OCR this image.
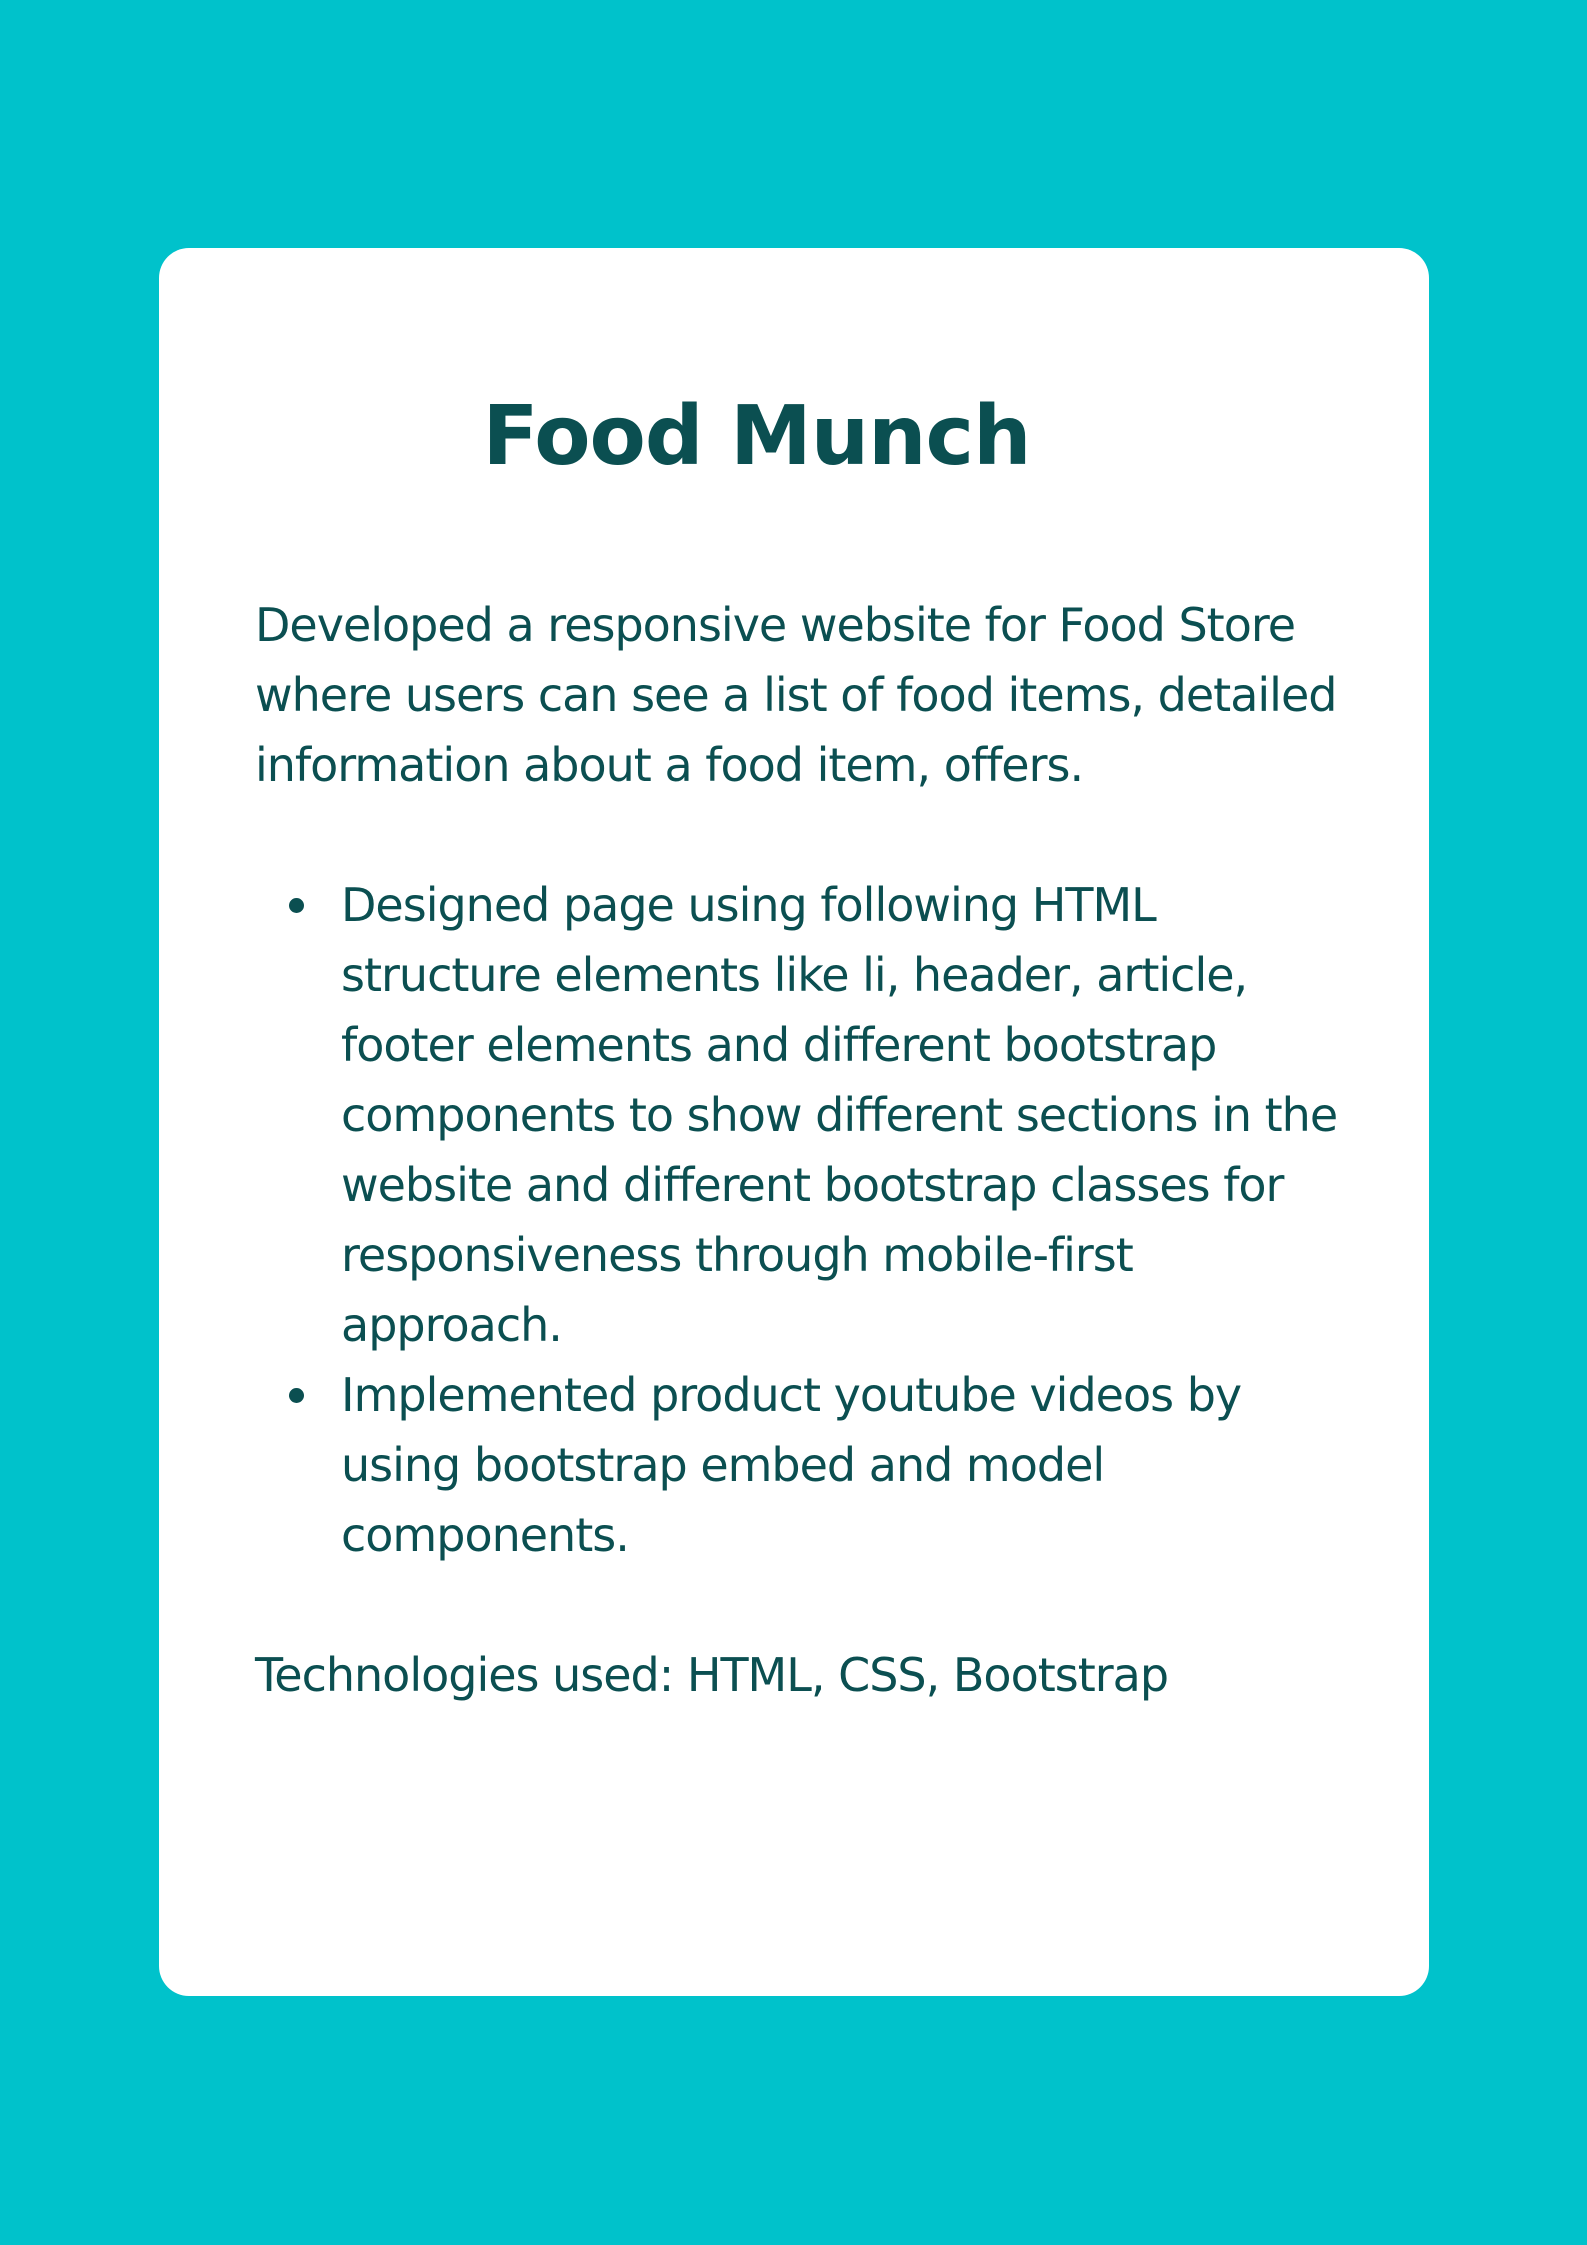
Food Munch

Developed a responsive website for Food Store where users can see a list of food items, detailed information about a food item, offers.

Designed page using following HTML structure elements like li, header, article, footer elements and different bootstrap components to show different sections in the website and different bootstrap classes for responsiveness through mobile-first approach.
Implemented product youtube videos by using bootstrap embed and model components.

Technologies used: HTML, CSS, Bootstrap
